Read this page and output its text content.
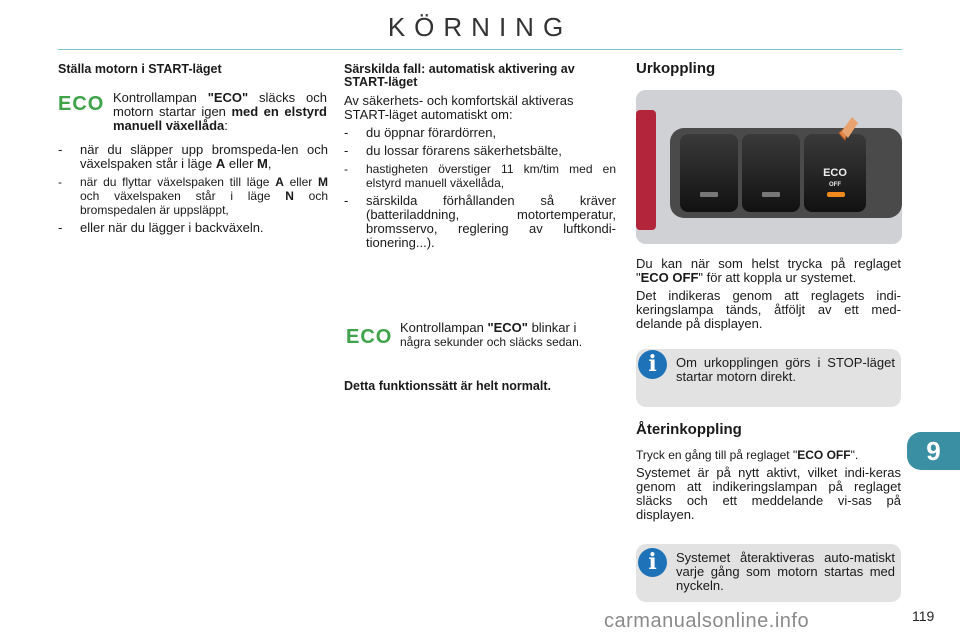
KÖRNING
Ställa motorn i START-läget
ECO Kontrollampan "ECO" släcks och motorn startar igen med en elstyrd manuell växellåda:
- när du släpper upp bromspeda-len och växelspaken står i läge A eller M,
- när du flyttar växelspaken till läge A eller M och växelspaken står i läge N och bromspedalen är uppsläppt,
- eller när du lägger i backväxeln.
Särskilda fall: automatisk aktivering av START-läget
Av säkerhets- och komfortskäl aktiveras START-läget automatiskt om:
- du öppnar förardörren,
- du lossar förarens säkerhetsbälte,
- hastigheten överstiger 11 km/tim med en elstyrd manuell växellåda,
- särskilda förhållanden så kräver (batteriladdning, motortemperatur, bromsservo, reglering av luftkondi-tionering...).
ECO Kontrollampan "ECO" blinkar i
några sekunder och släcks sedan.
Detta funktionssätt är helt normalt.
Urkoppling
ECO
OFF
Du kan när som helst trycka på reglaget "ECO OFF" för att koppla ur systemet.
Det indikeras genom att reglagets indi-keringslampa tänds, åtföljt av ett med-delande på displayen.
i	Om urkopplingen görs i STOP-läget startar motorn direkt.
Återinkoppling
Tryck en gång till på reglaget "ECO OFF".
Systemet är på nytt aktivt, vilket indi-keras genom att indikeringslampan på reglaget släcks och ett meddelande vi-sas på displayen.
i	Systemet återaktiveras auto-matiskt varje gång som motorn startas med nyckeln.
9
119
carmanualsonline.info
